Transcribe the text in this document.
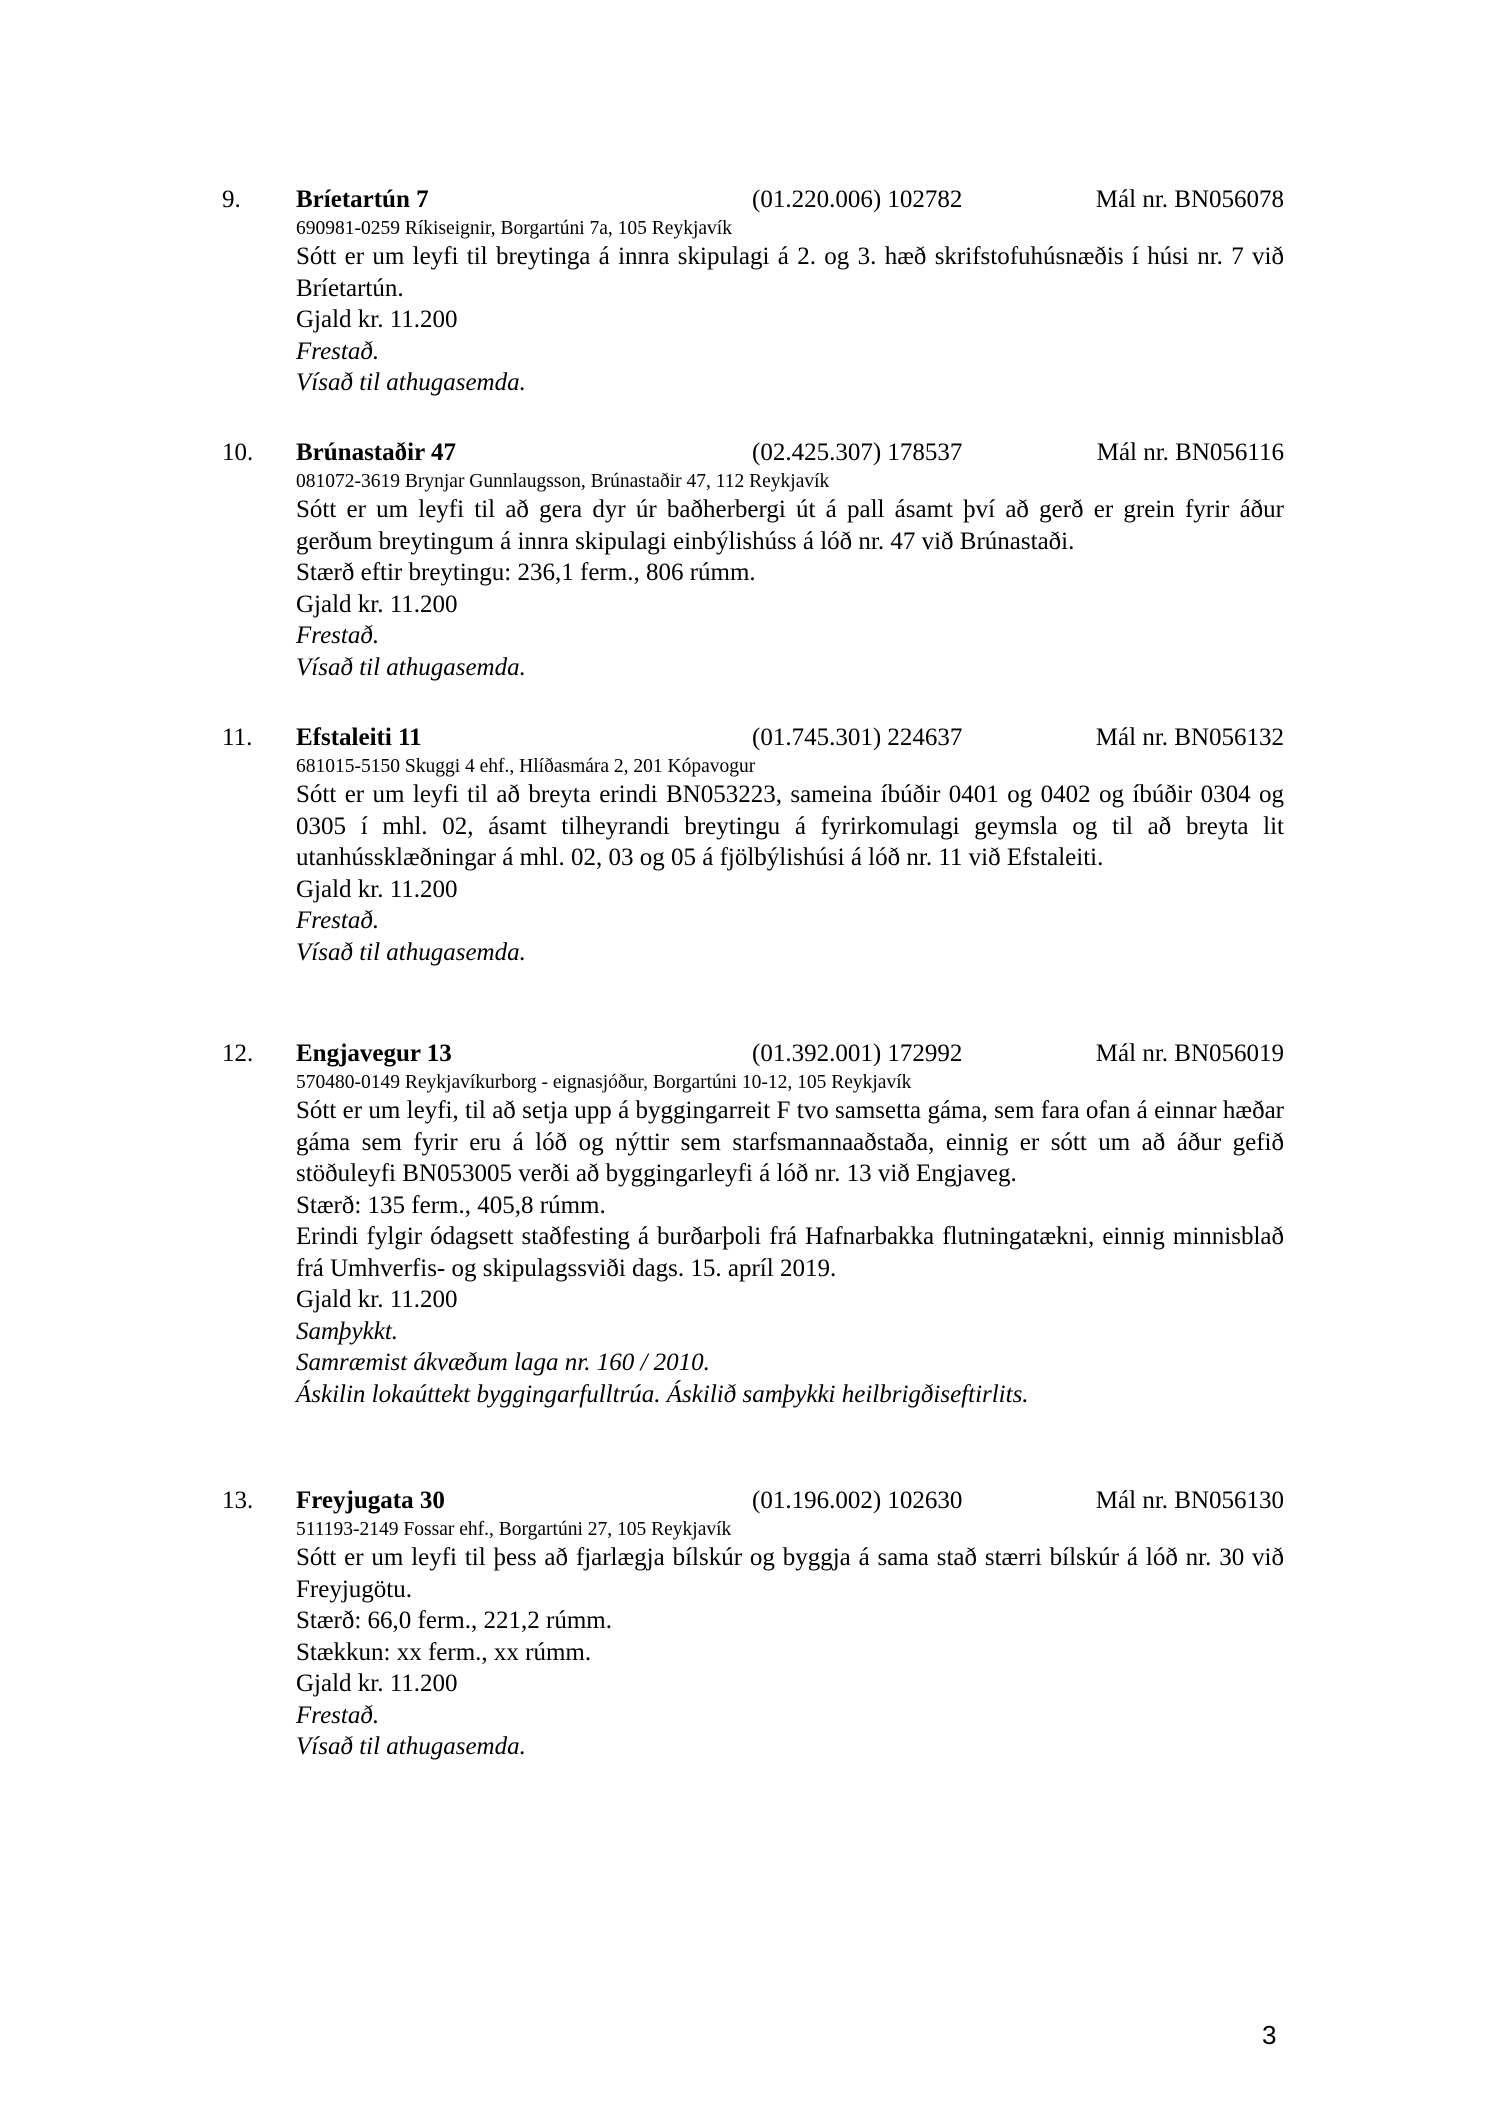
9. Bríetartún 7	(01.220.006) 102782	Mál nr. BN056078
690981-0259 Ríkiseignir, Borgartúni 7a, 105 Reykjavík
Sótt er um leyfi til breytinga á innra skipulagi á 2. og 3. hæð skrifstofuhúsnæðis í húsi nr. 7 við Bríetartún.
Gjald kr. 11.200
Frestað.
Vísað til athugasemda.
10. Brúnastaðir 47	(02.425.307) 178537	Mál nr. BN056116
081072-3619 Brynjar Gunnlaugsson, Brúnastaðir 47, 112 Reykjavík
Sótt er um leyfi til að gera dyr úr baðherbergi út á pall ásamt því að gerð er grein fyrir áður gerðum breytingum á innra skipulagi einbýlishúss á lóð nr. 47 við Brúnastaði.
Stærð eftir breytingu: 236,1 ferm., 806 rúmm.
Gjald kr. 11.200
Frestað.
Vísað til athugasemda.
11. Efstaleiti 11	(01.745.301) 224637	Mál nr. BN056132
681015-5150 Skuggi 4 ehf., Hlíðasmára 2, 201 Kópavogur
Sótt er um leyfi til að breyta erindi BN053223, sameina íbúðir 0401 og 0402 og íbúðir 0304 og 0305 í mhl. 02, ásamt tilheyrandi breytingu á fyrirkomulagi geymsla og til að breyta lit utanhússklæðningar á mhl. 02, 03 og 05 á fjölbýlishúsi á lóð nr. 11 við Efstaleiti.
Gjald kr. 11.200
Frestað.
Vísað til athugasemda.
12. Engjavegur 13	(01.392.001) 172992	Mál nr. BN056019
570480-0149 Reykjavíkurborg - eignasjóður, Borgartúni 10-12, 105 Reykjavík
Sótt er um leyfi, til að setja upp á byggingarreit F tvo samsetta gáma, sem fara ofan á einnar hæðar gáma sem fyrir eru á lóð og nýttir sem starfsmannaaðstaða, einnig er sótt um að áður gefið stöðuleyfi BN053005 verði að byggingarleyfi á lóð nr. 13 við Engjaveg.
Stærð: 135 ferm., 405,8 rúmm.
Erindi fylgir ódagsett staðfesting á burðarþoli frá Hafnarbakka flutningatækni, einnig minnisblað frá Umhverfis- og skipulagssviði dags. 15. apríl 2019.
Gjald kr. 11.200
Samþykkt.
Samræmist ákvæðum laga nr. 160 / 2010.
Áskilin lokaúttekt byggingarfulltrúa. Áskilið samþykki heilbrigðiseftirlits.
13. Freyjugata 30	(01.196.002) 102630	Mál nr. BN056130
511193-2149 Fossar ehf., Borgartúni 27, 105 Reykjavík
Sótt er um leyfi til þess að fjarlægja bílskúr og byggja á sama stað stærri bílskúr á lóð nr. 30 við Freyjugötu.
Stærð: 66,0 ferm., 221,2 rúmm.
Stækkun: xx ferm., xx rúmm.
Gjald kr. 11.200
Frestað.
Vísað til athugasemda.
3
